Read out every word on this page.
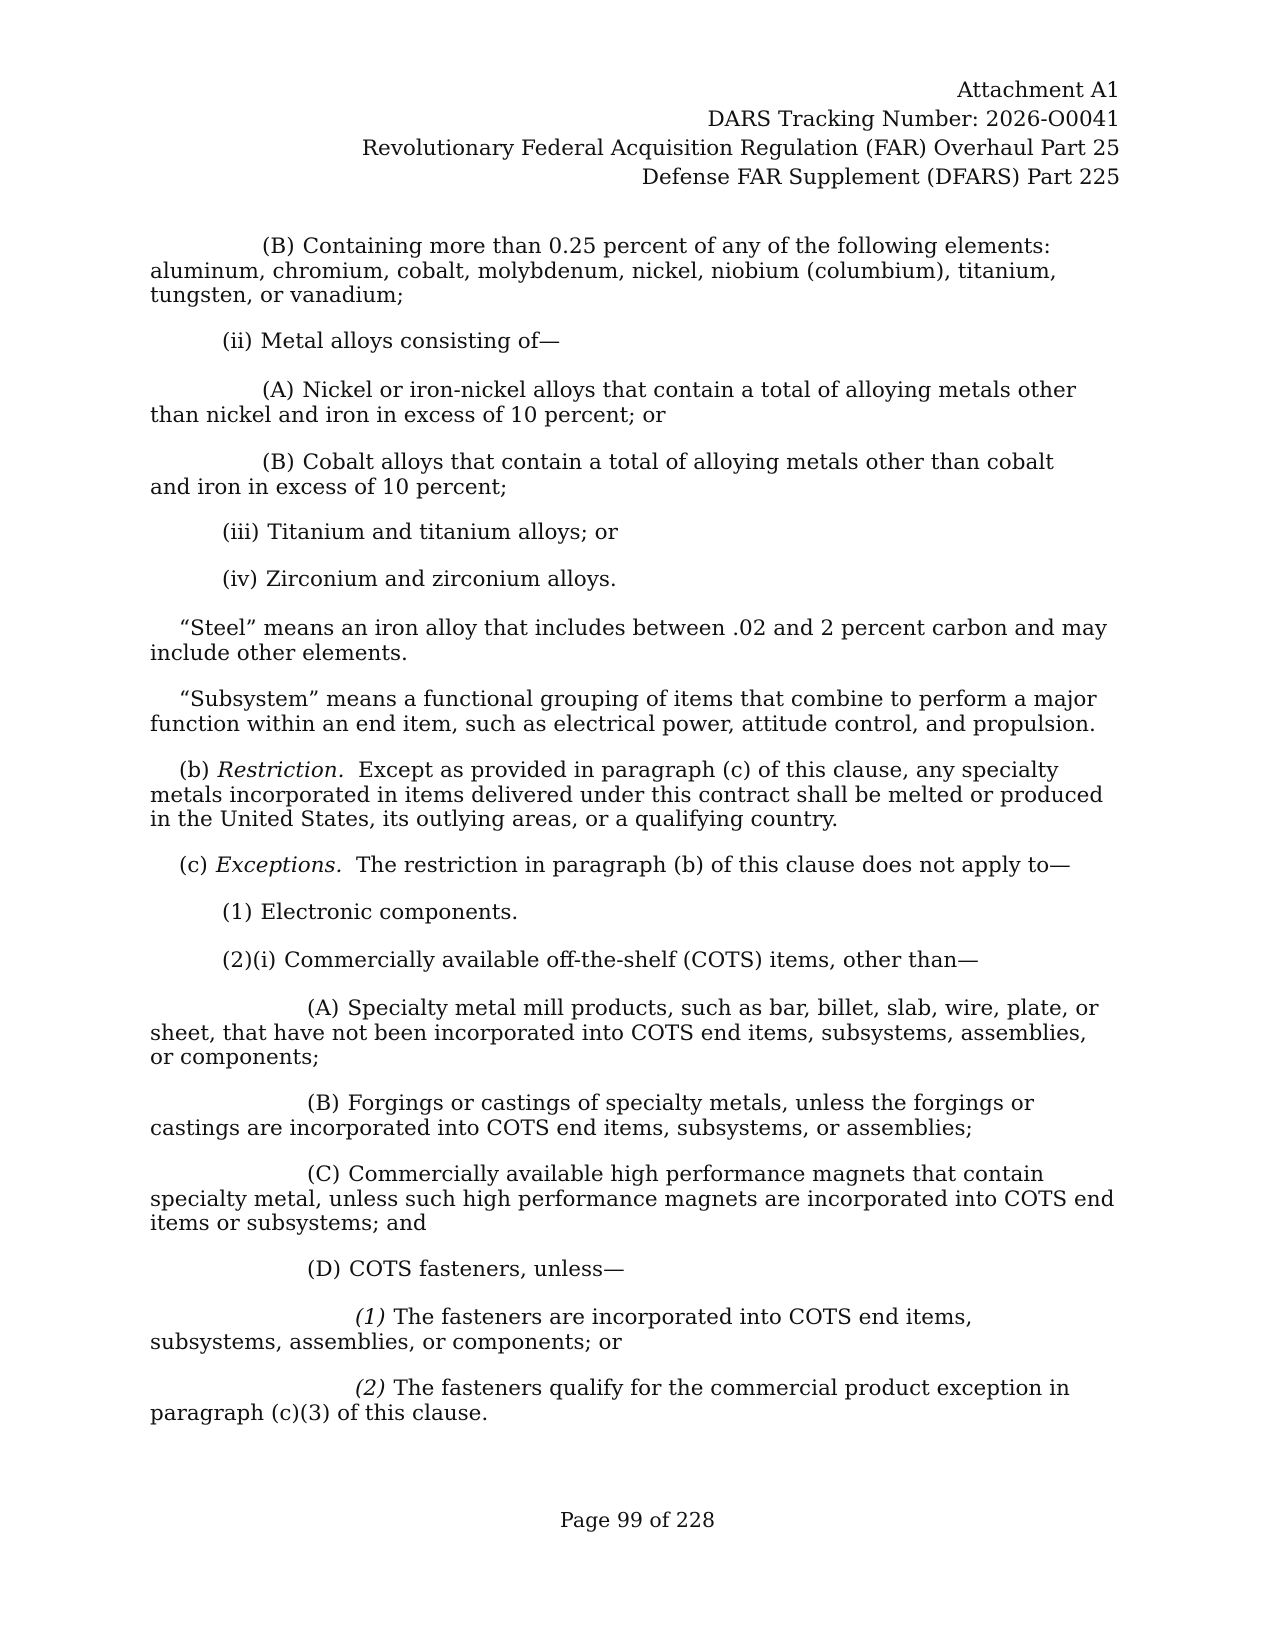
Attachment A1
DARS Tracking Number: 2026-O0041
Revolutionary Federal Acquisition Regulation (FAR) Overhaul Part 25
Defense FAR Supplement (DFARS) Part 225
(B) Containing more than 0.25 percent of any of the following elements:
aluminum, chromium, cobalt, molybdenum, nickel, niobium (columbium), titanium,
tungsten, or vanadium;
(ii) Metal alloys consisting of—
(A) Nickel or iron-nickel alloys that contain a total of alloying metals other
than nickel and iron in excess of 10 percent; or
(B) Cobalt alloys that contain a total of alloying metals other than cobalt
and iron in excess of 10 percent;
(iii) Titanium and titanium alloys; or
(iv) Zirconium and zirconium alloys.
“Steel” means an iron alloy that includes between .02 and 2 percent carbon and may
include other elements.
“Subsystem” means a functional grouping of items that combine to perform a major
function within an end item, such as electrical power, attitude control, and propulsion.
(b) Restriction. Except as provided in paragraph (c) of this clause, any specialty
metals incorporated in items delivered under this contract shall be melted or produced
in the United States, its outlying areas, or a qualifying country.
(c) Exceptions. The restriction in paragraph (b) of this clause does not apply to—
(1) Electronic components.
(2)(i) Commercially available off-the-shelf (COTS) items, other than—
(A) Specialty metal mill products, such as bar, billet, slab, wire, plate, or
sheet, that have not been incorporated into COTS end items, subsystems, assemblies,
or components;
(B) Forgings or castings of specialty metals, unless the forgings or
castings are incorporated into COTS end items, subsystems, or assemblies;
(C) Commercially available high performance magnets that contain
specialty metal, unless such high performance magnets are incorporated into COTS end
items or subsystems; and
(D) COTS fasteners, unless—
(1) The fasteners are incorporated into COTS end items,
subsystems, assemblies, or components; or
(2) The fasteners qualify for the commercial product exception in
paragraph (c)(3) of this clause.
Page 99 of 228
